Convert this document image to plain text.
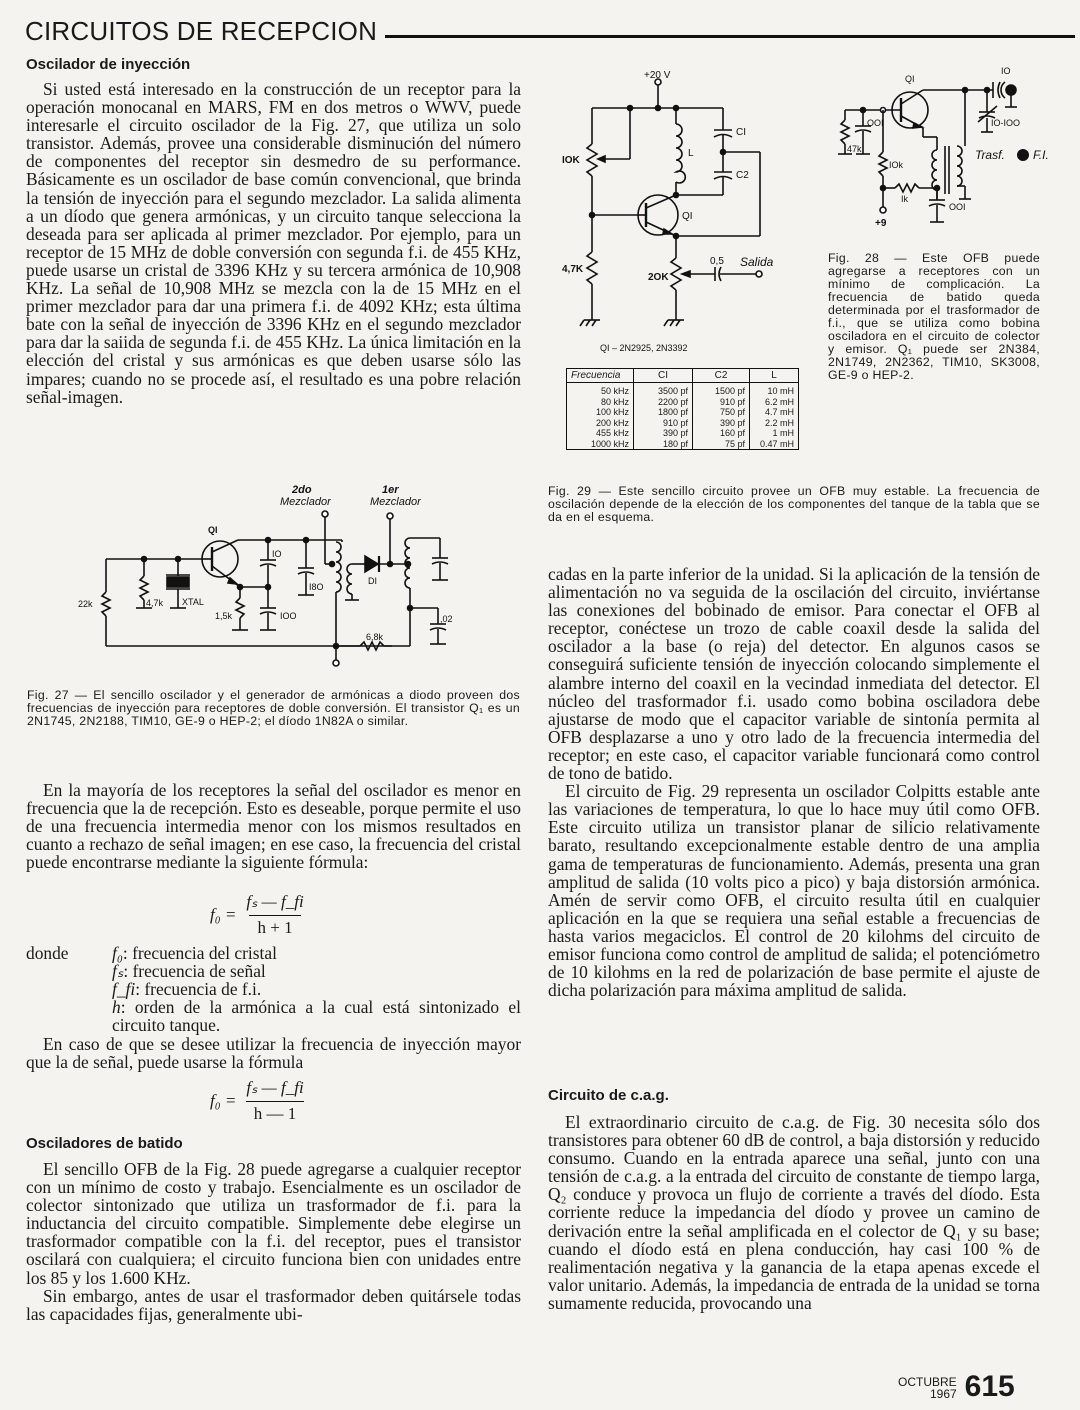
CIRCUITOS DE RECEPCION
Oscilador de inyección

Si usted está interesado en la construcción de un receptor para la operación monocanal en MARS, FM en dos metros o WWV, puede interesarle el circuito oscilador de la Fig. 27, que utiliza un solo transistor. Además, provee una considerable disminución del número de componentes del receptor sin desmedro de su performance. Básicamente es un oscilador de base común convencional, que brinda la tensión de inyección para el segundo mezclador. La salida alimenta a un díodo que genera armónicas, y un circuito tanque selecciona la deseada para ser aplicada al primer mezclador. Por ejemplo, para un receptor de 15 MHz de doble conversión con segunda f.i. de 455 KHz, puede usarse un cristal de 3396 KHz y su tercera armónica de 10,908 KHz. La señal de 10,908 MHz se mezcla con la de 15 MHz en el primer mezclador para dar una primera f.i. de 4092 KHz; esta última bate con la señal de inyección de 3396 KHz en el segundo mezclador para dar la saiida de segunda f.i. de 455 KHz. La única limitación en la elección del cristal y sus armónicas es que deben usarse sólo las impares; cuando no se procede así, el resultado es una pobre relación señal-imagen.

+20 V
IOK
L
CI
C2
QI
4,7K
2OK
0,5 Salida
QI – 2N2925, 2N3392
Frecuencia	CI	C2	L
50 kHz	3500 pf	1500 pf	10 mH
80 kHz	2200 pf	910 pf	6.2 mH
100 kHz	1800 pf	750 pf	4.7 mH
200 kHz	910 pf	390 pf	2.2 mH
455 kHz	390 pf	160 pf	1 mH
1000 kHz	180 pf	75 pf	0.47 mH
QI
IO
IO-IOO
OOI
47k
IOk
Ik
OOI
+9
Trasf. F.I.
Fig. 28 — Este OFB puede agregarse a receptores con un mínimo de complicación. La frecuencia de batido queda determinada por el trasformador de f.i., que se utiliza como bobina osciladora en el circuito de colector y emisor. Q₁ puede ser 2N384, 2N1749, 2N2362, TIM10, SK3008, GE-9 o HEP-2.
Fig. 29 — Este sencillo circuito provee un OFB muy estable. La frecuencia de oscilación depende de la elección de los componentes del tanque de la tabla que se da en el esquema.
QI
22k	4,7k XTAL
1,5k
IO
IOO
I8O
DI
,02
6,8k
2do
Mezclador
1er
Mezclador
Fig. 27 — El sencillo oscilador y el generador de armónicas a diodo proveen dos frecuencias de inyección para receptores de doble conversión. El transistor Q₁ es un 2N1745, 2N2188, TIM10, GE-9 o HEP-2; el díodo 1N82A o similar.

En la mayoría de los receptores la señal del oscilador es menor en frecuencia que la de recepción. Esto es deseable, porque permite el uso de una frecuencia intermedia menor con los mismos resultados en cuanto a rechazo de señal imagen; en ese caso, la frecuencia del cristal puede encontrarse mediante la siguiente fórmula:

$f_0 = \frac{\text{fₛ — f\_fi}}{h + 1}$
donde	f₀: frecuencia del cristal
fₛ: frecuencia de señal
f_fi: frecuencia de f.i.
h: orden de la armónica a la cual está sintonizado el circuito tanque.

En caso de que se desee utilizar la frecuencia de inyección mayor que la de señal, puede usarse la fórmula

$f_0 = \frac{\text{fₛ — f\_fi}}{h — 1}$
Osciladores de batido

El sencillo OFB de la Fig. 28 puede agregarse a cualquier receptor con un mínimo de costo y trabajo. Esencialmente es un oscilador de colector sintonizado que utiliza un trasformador de f.i. para la inductancia del circuito compatible. Simplemente debe elegirse un trasformador compatible con la f.i. del receptor, pues el transistor oscilará con cualquiera; el circuito funciona bien con unidades entre los 85 y los 1.600 KHz.

Sin embargo, antes de usar el trasformador deben quitársele todas las capacidades fijas, generalmente ubi-

cadas en la parte inferior de la unidad. Si la aplicación de la tensión de alimentación no va seguida de la oscilación del circuito, inviértanse las conexiones del bobinado de emisor. Para conectar el OFB al receptor, conéctese un trozo de cable coaxil desde la salida del oscilador a la base (o reja) del detector. En algunos casos se conseguirá suficiente tensión de inyección colocando simplemente el alambre interno del coaxil en la vecindad inmediata del detector. El núcleo del trasformador f.i. usado como bobina osciladora debe ajustarse de modo que el capacitor variable de sintonía permita al OFB desplazarse a uno y otro lado de la frecuencia intermedia del receptor; en este caso, el capacitor variable funcionará como control de tono de batido.

El circuito de Fig. 29 representa un oscilador Colpitts estable ante las variaciones de temperatura, lo que lo hace muy útil como OFB. Este circuito utiliza un transistor planar de silicio relativamente barato, resultando excepcionalmente estable dentro de una amplia gama de temperaturas de funcionamiento. Además, presenta una gran amplitud de salida (10 volts pico a pico) y baja distorsión armónica. Amén de servir como OFB, el circuito resulta útil en cualquier aplicación en la que se requiera una señal estable a frecuencias de hasta varios megaciclos. El control de 20 kilohms del circuito de emisor funciona como control de amplitud de salida; el potenciómetro de 10 kilohms en la red de polarización de base permite el ajuste de dicha polarización para máxima amplitud de salida.

Circuito de c.a.g.

El extraordinario circuito de c.a.g. de Fig. 30 necesita sólo dos transistores para obtener 60 dB de control, a baja distorsión y reducido consumo. Cuando en la entrada aparece una señal, junto con una tensión de c.a.g. a la entrada del circuito de constante de tiempo larga, Q₂ conduce y provoca un flujo de corriente a través del díodo. Esta corriente reduce la impedancia del díodo y provee un camino de derivación entre la señal amplificada en el colector de Q₁ y su base; cuando el díodo está en plena conducción, hay casi 100 % de realimentación negativa y la ganancia de la etapa apenas excede el valor unitario. Además, la impedancia de entrada de la unidad se torna sumamente reducida, provocando una

OCTUBRE
1967 615
